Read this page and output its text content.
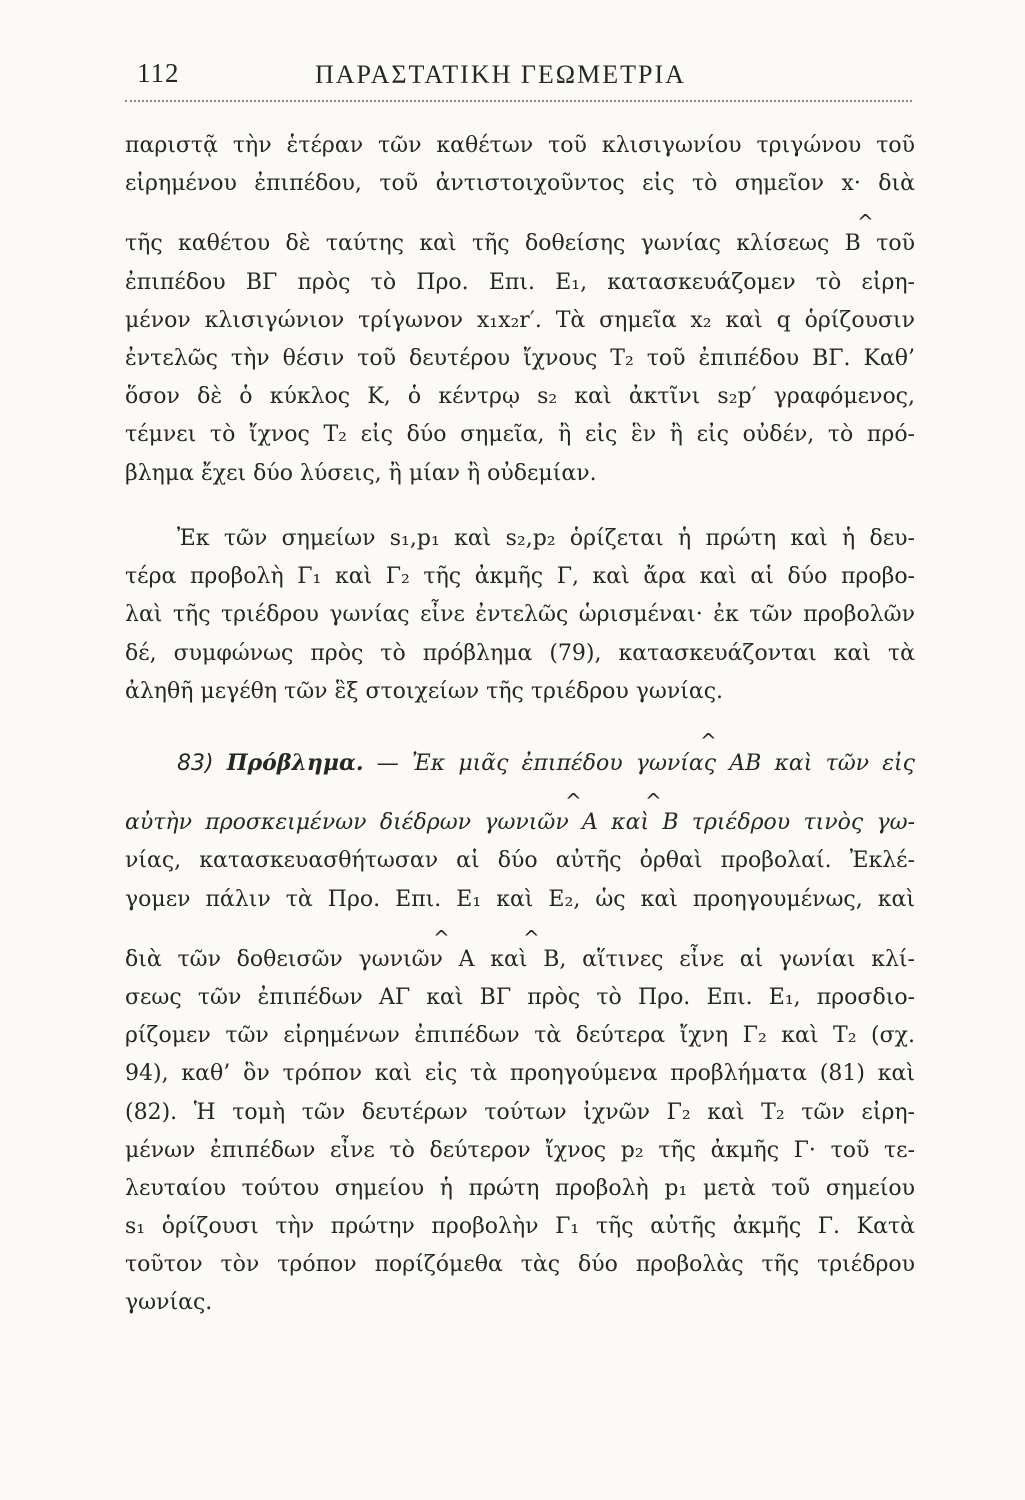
112	ΠΑΡΑΣΤΑΤΙΚΗ ΓΕΩΜΕΤΡΙΑ
παριστᾷ τὴν ἑτέραν τῶν καθέτων τοῦ κλισιγωνίου τριγώνου τοῦ
εἰρημένου ἐπιπέδου, τοῦ ἀντιστοιχοῦντος εἰς τὸ σημεῖον x· διὰ
^
τῆς καθέτου δὲ ταύτης καὶ τῆς δοθείσης γωνίας κλίσεως B τοῦ
ἐπιπέδου ΒΓ πρὸς τὸ Προ. Επι. E₁, κατασκευάζομεν τὸ εἰρη-
μένον κλισιγώνιον τρίγωνον x₁x₂r′. Τὰ σημεῖα x₂ καὶ q ὁρίζουσιν
ἐντελῶς τὴν θέσιν τοῦ δευτέρου ἴχνους T₂ τοῦ ἐπιπέδου ΒΓ. Καθ’
ὅσον δὲ ὁ κύκλος K, ὁ κέντρῳ s₂ καὶ ἀκτῖνι s₂p′ γραφόμενος,
τέμνει τὸ ἴχνος T₂ εἰς δύο σημεῖα, ἢ εἰς ἓν ἢ εἰς οὐδέν, τὸ πρό-
βλημα ἔχει δύο λύσεις, ἢ μίαν ἢ οὐδεμίαν.
Ἐκ τῶν σημείων s₁,p₁ καὶ s₂,p₂ ὁρίζεται ἡ πρώτη καὶ ἡ δευ-
τέρα προβολὴ Γ₁ καὶ Γ₂ τῆς ἀκμῆς Γ, καὶ ἄρα καὶ αἱ δύο προβο-
λαὶ τῆς τριέδρου γωνίας εἶνε ἐντελῶς ὡρισμέναι· ἐκ τῶν προβολῶν
δέ, συμφώνως πρὸς τὸ πρόβλημα (79), κατασκευάζονται καὶ τὰ
ἀληθῆ μεγέθη τῶν ἓξ στοιχείων τῆς τριέδρου γωνίας.
^
83) Πρόβλημα. — Ἐκ μιᾶς ἐπιπέδου γωνίας AB καὶ τῶν εἰς
^	^
αὐτὴν προσκειμένων διέδρων γωνιῶν A καὶ B τριέδρου τινὸς γω-
νίας, κατασκευασθήτωσαν αἱ δύο αὐτῆς ὀρθαὶ προβολαί. Ἐκλέ-
γομεν πάλιν τὰ Προ. Επι. E₁ καὶ E₂, ὡς καὶ προηγουμένως, καὶ
^	^
διὰ τῶν δοθεισῶν γωνιῶν A καὶ B, αἵτινες εἶνε αἱ γωνίαι κλί-
σεως τῶν ἐπιπέδων ΑΓ καὶ ΒΓ πρὸς τὸ Προ. Επι. E₁, προσδιο-
ρίζομεν τῶν εἰρημένων ἐπιπέδων τὰ δεύτερα ἴχνη Γ₂ καὶ T₂ (σχ.
94), καθ’ ὃν τρόπον καὶ εἰς τὰ προηγούμενα προβλήματα (81) καὶ
(82). Ἡ τομὴ τῶν δευτέρων τούτων ἰχνῶν Γ₂ καὶ T₂ τῶν εἰρη-
μένων ἐπιπέδων εἶνε τὸ δεύτερον ἴχνος p₂ τῆς ἀκμῆς Γ· τοῦ τε-
λευταίου τούτου σημείου ἡ πρώτη προβολὴ p₁ μετὰ τοῦ σημείου
s₁ ὁρίζουσι τὴν πρώτην προβολὴν Γ₁ τῆς αὐτῆς ἀκμῆς Γ. Κατὰ
τοῦτον τὸν τρόπον πορίζόμεθα τὰς δύο προβολὰς τῆς τριέδρου
γωνίας.
